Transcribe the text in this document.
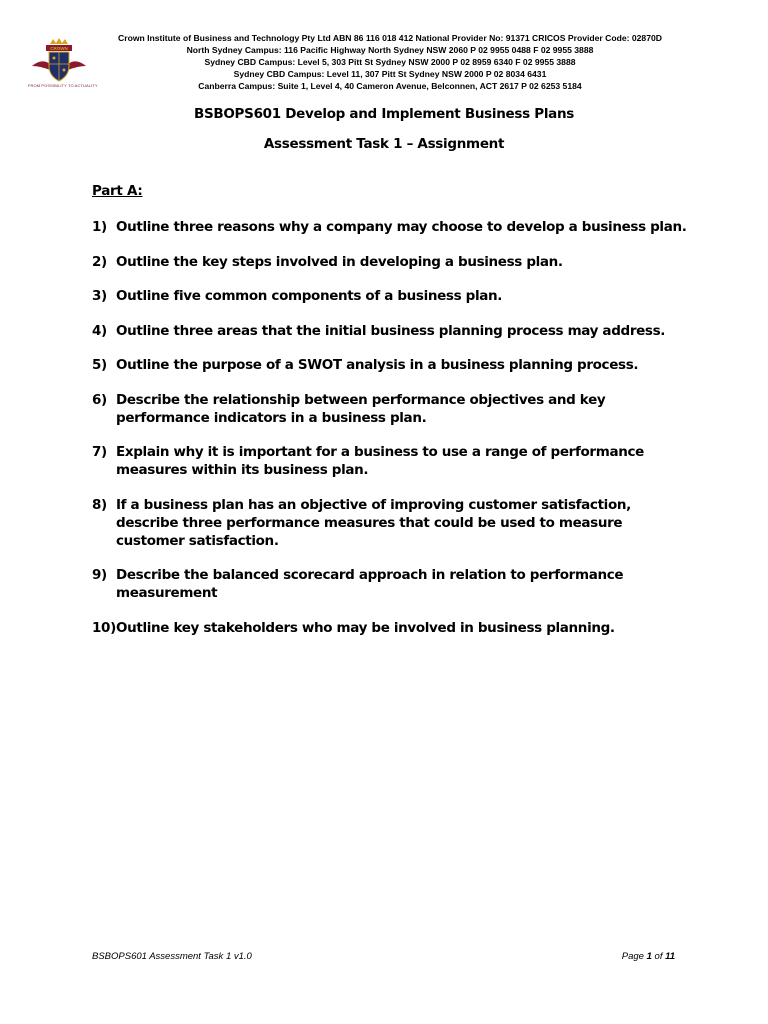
CROWN
FROM POSSIBILITY TO ACTUALITY
Crown Institute of Business and Technology Pty Ltd ABN 86 116 018 412 National Provider No: 91371 CRICOS Provider Code: 02870D
North Sydney Campus: 116 Pacific Highway North Sydney NSW 2060 P 02 9955 0488 F 02 9955 3888
Sydney CBD Campus: Level 5, 303 Pitt St Sydney NSW 2000 P 02 8959 6340 F 02 9955 3888
Sydney CBD Campus: Level 11, 307 Pitt St Sydney NSW 2000 P 02 8034 6431
Canberra Campus: Suite 1, Level 4, 40 Cameron Avenue, Belconnen, ACT 2617 P 02 6253 5184
BSBOPS601 Develop and Implement Business Plans
Assessment Task 1 – Assignment
Part A:
1) Outline three reasons why a company may choose to develop a business plan.
2) Outline the key steps involved in developing a business plan.
3) Outline five common components of a business plan.
4) Outline three areas that the initial business planning process may address.
5) Outline the purpose of a SWOT analysis in a business planning process.
6) Describe the relationship between performance objectives and key performance indicators in a business plan.
7) Explain why it is important for a business to use a range of performance measures within its business plan.
8) If a business plan has an objective of improving customer satisfaction, describe three performance measures that could be used to measure customer satisfaction.
9) Describe the balanced scorecard approach in relation to performance measurement
10) Outline key stakeholders who may be involved in business planning.
BSBOPS601 Assessment Task 1 v1.0	Page 1 of 11
